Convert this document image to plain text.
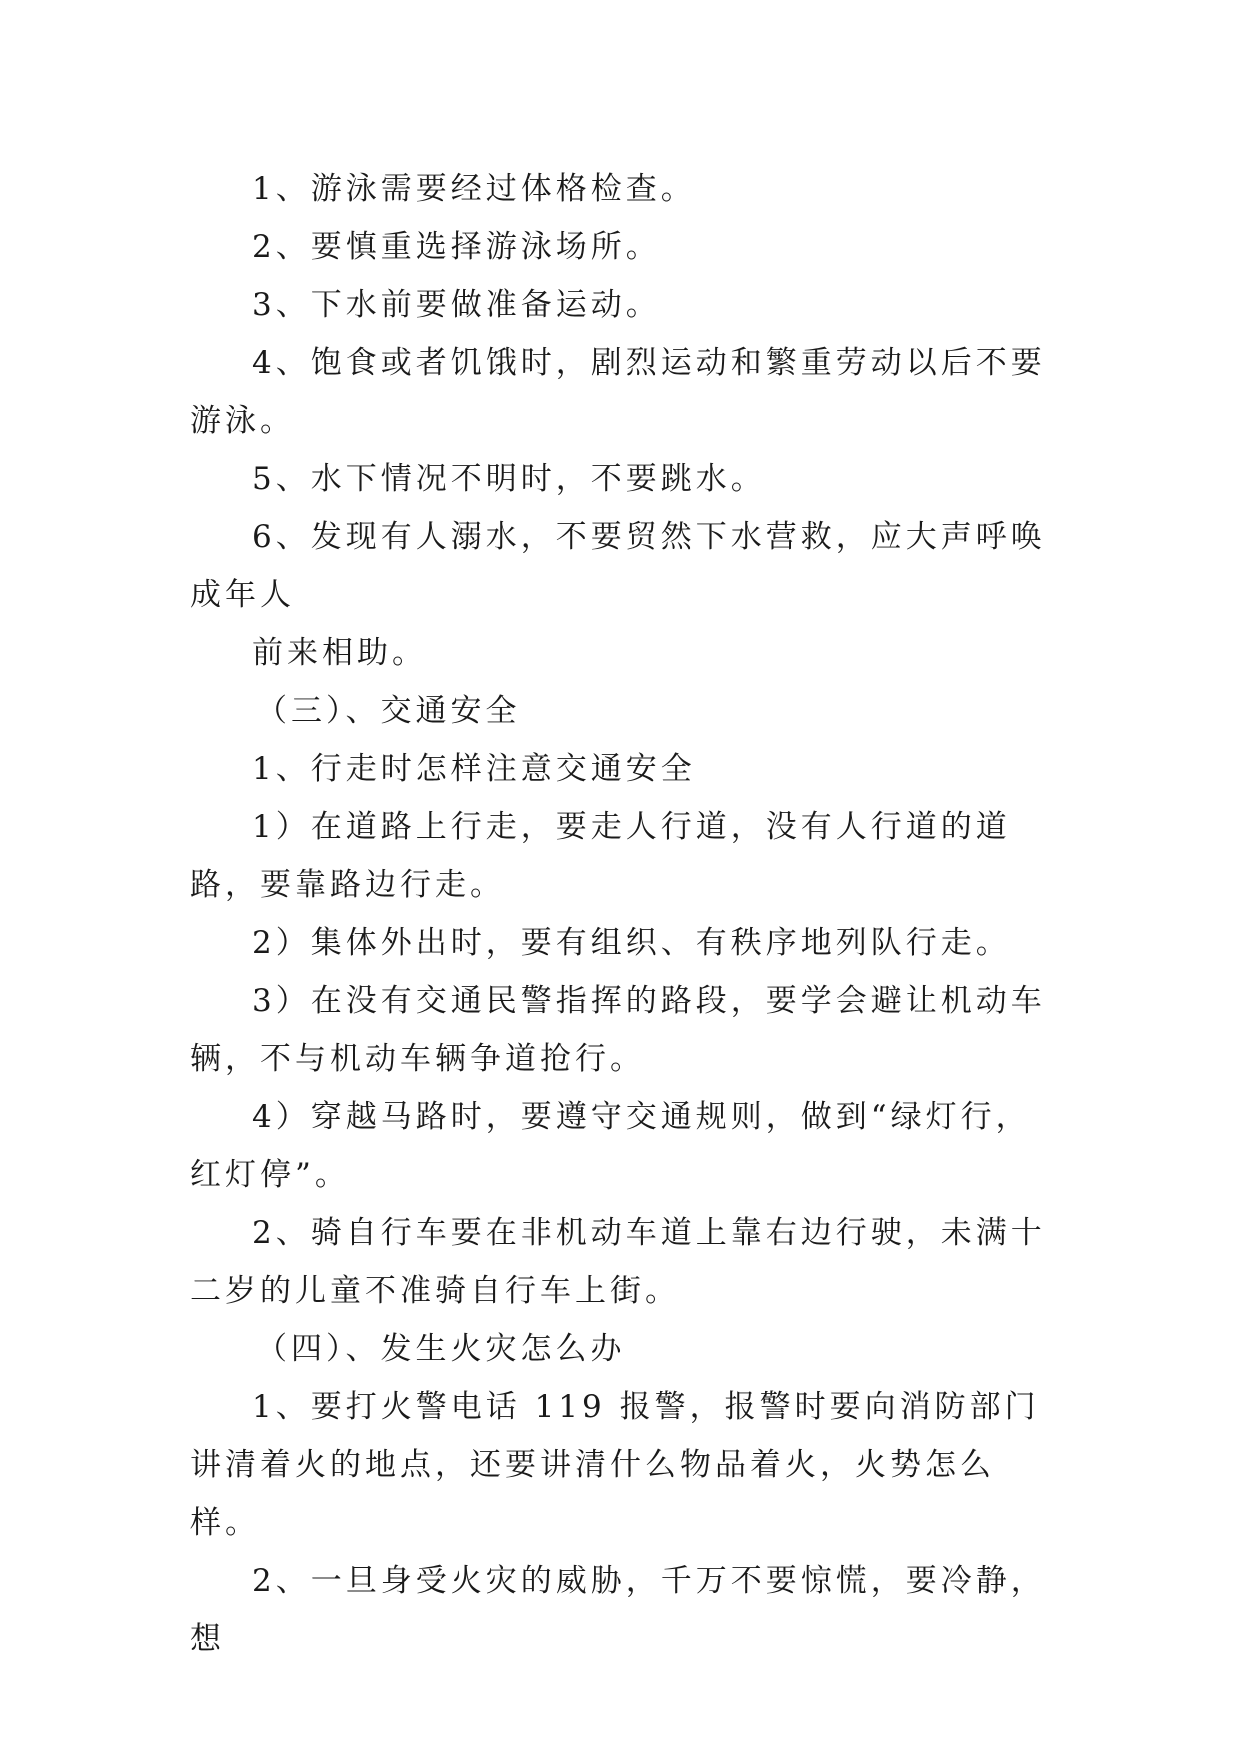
1、游泳需要经过体格检查。

2、要慎重选择游泳场所。

3、下水前要做准备运动。

4、饱食或者饥饿时，剧烈运动和繁重劳动以后不要游泳。

5、水下情况不明时，不要跳水。

6、发现有人溺水，不要贸然下水营救，应大声呼唤成年人

前来相助。

（三）、交通安全

1、行走时怎样注意交通安全

1）在道路上行走，要走人行道，没有人行道的道路，要靠路边行走。

2）集体外出时，要有组织、有秩序地列队行走。

3）在没有交通民警指挥的路段，要学会避让机动车辆，不与机动车辆争道抢行。

4）穿越马路时，要遵守交通规则，做到“绿灯行，红灯停”。

2、骑自行车要在非机动车道上靠右边行驶，未满十二岁的儿童不准骑自行车上街。

（四）、发生火灾怎么办

1、要打火警电话 119 报警，报警时要向消防部门讲清着火的地点，还要讲清什么物品着火，火势怎么样。

2、一旦身受火灾的威胁，千万不要惊慌，要冷静，想
